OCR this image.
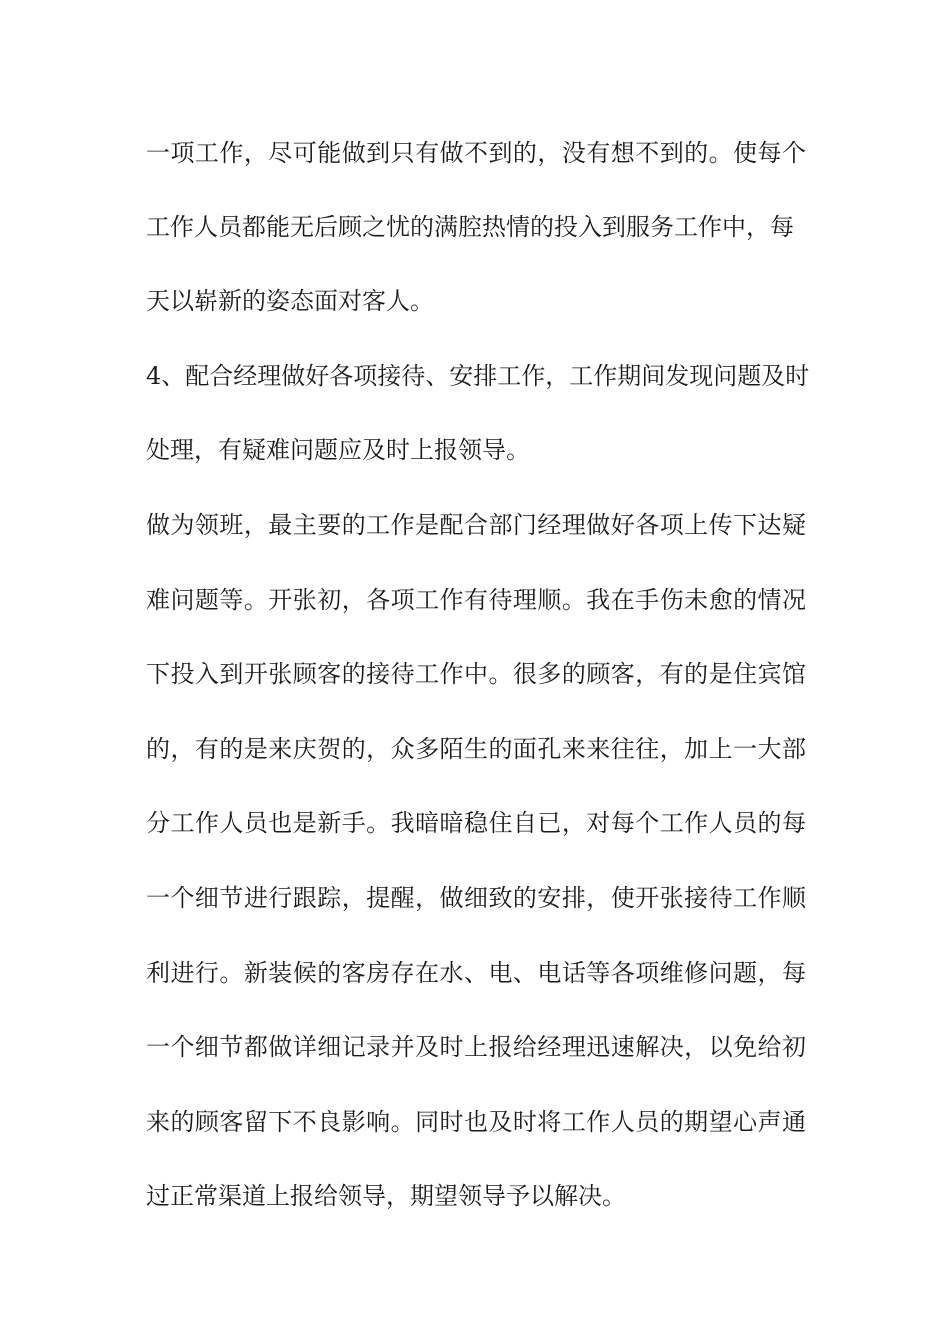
一项工作，尽可能做到只有做不到的，没有想不到的。使每个
工作人员都能无后顾之忧的满腔热情的投入到服务工作中，每
天以崭新的姿态面对客人。
4、配合经理做好各项接待、安排工作，工作期间发现问题及时
处理，有疑难问题应及时上报领导。
做为领班，最主要的工作是配合部门经理做好各项上传下达疑
难问题等。开张初，各项工作有待理顺。我在手伤未愈的情况
下投入到开张顾客的接待工作中。很多的顾客，有的是住宾馆
的，有的是来庆贺的，众多陌生的面孔来来往往，加上一大部
分工作人员也是新手。我暗暗稳住自已，对每个工作人员的每
一个细节进行跟踪，提醒，做细致的安排，使开张接待工作顺
利进行。新装候的客房存在水、电、电话等各项维修问题，每
一个细节都做详细记录并及时上报给经理迅速解决，以免给初
来的顾客留下不良影响。同时也及时将工作人员的期望心声通
过正常渠道上报给领导，期望领导予以解决。
